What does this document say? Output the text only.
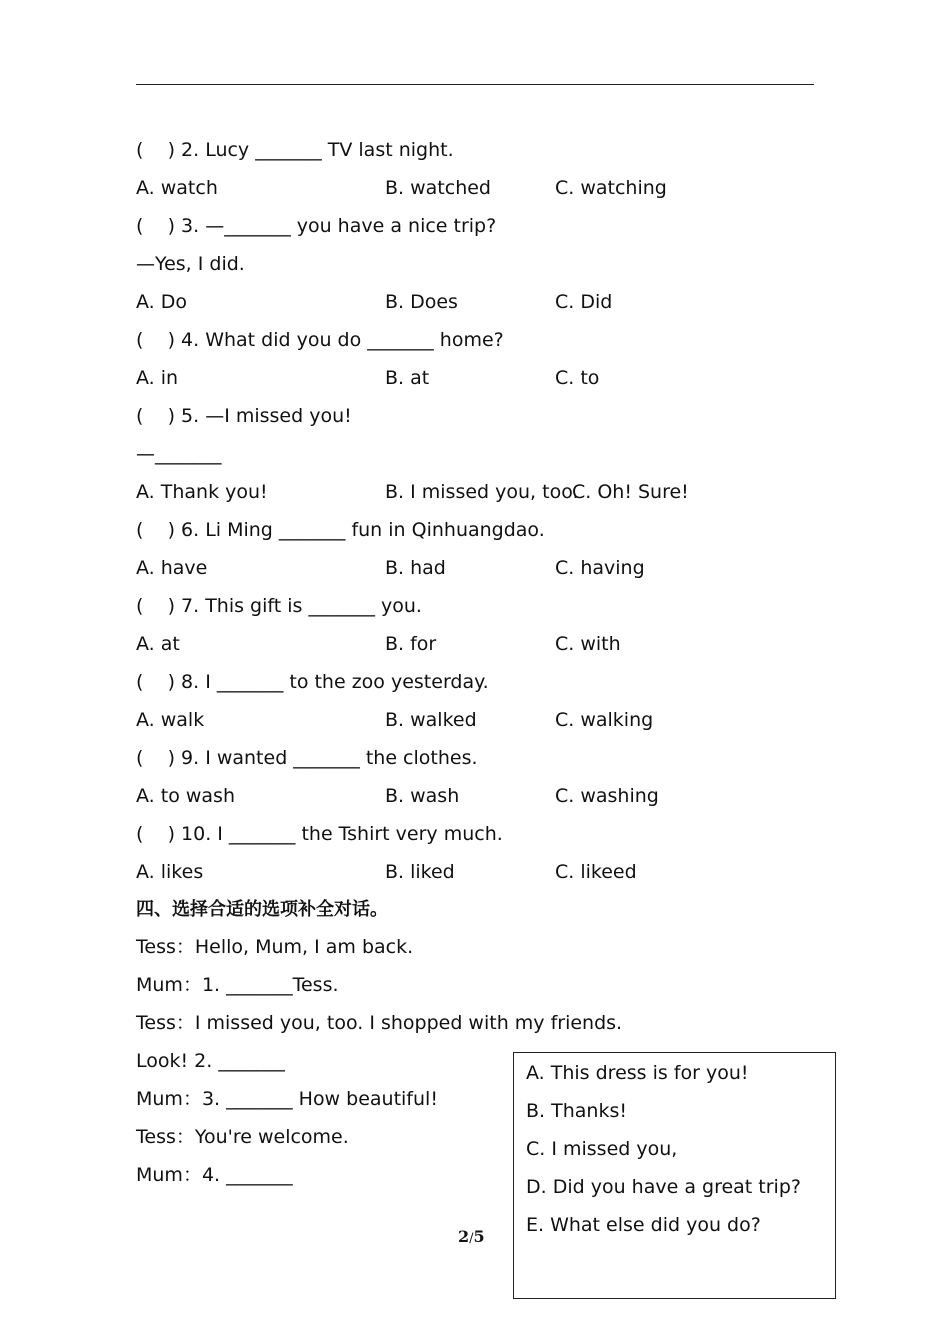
(    ) 2. Lucy _______ TV last night.
A. watch	B. watched	C. watching
(    ) 3. —_______ you have a nice trip?
—Yes, I did.
A. Do	B. Does	C. Did
(    ) 4. What did you do _______ home?
A. in	B. at	C. to
(    ) 5. —I missed you!
—_______
A. Thank you!	B. I missed you, too.
C. Oh! Sure!
(    ) 6. Li Ming _______ fun in Qinhuangdao.
A. have	B. had	C. having
(    ) 7. This gift is _______ you.
A. at	B. for	C. with
(    ) 8. I _______ to the zoo yesterday.
A. walk	B. walked	C. walking
(    ) 9. I wanted _______ the clothes.
A. to wash	B. wash	C. washing
(    ) 10. I _______ the Tshirt very much.
A. likes	B. liked	C. likeed
四、选择合适的选项补全对话。
Tess：Hello, Mum, I am back.
Mum：1. _______Tess.
Tess：I missed you, too. I shopped with my friends.
Look! 2. _______
Mum：3. _______ How beautiful!
Tess：You're welcome.
Mum：4. _______
A. This dress is for you!
B. Thanks!
C. I missed you,
D. Did you have a great trip?
E. What else did you do?
2/5
